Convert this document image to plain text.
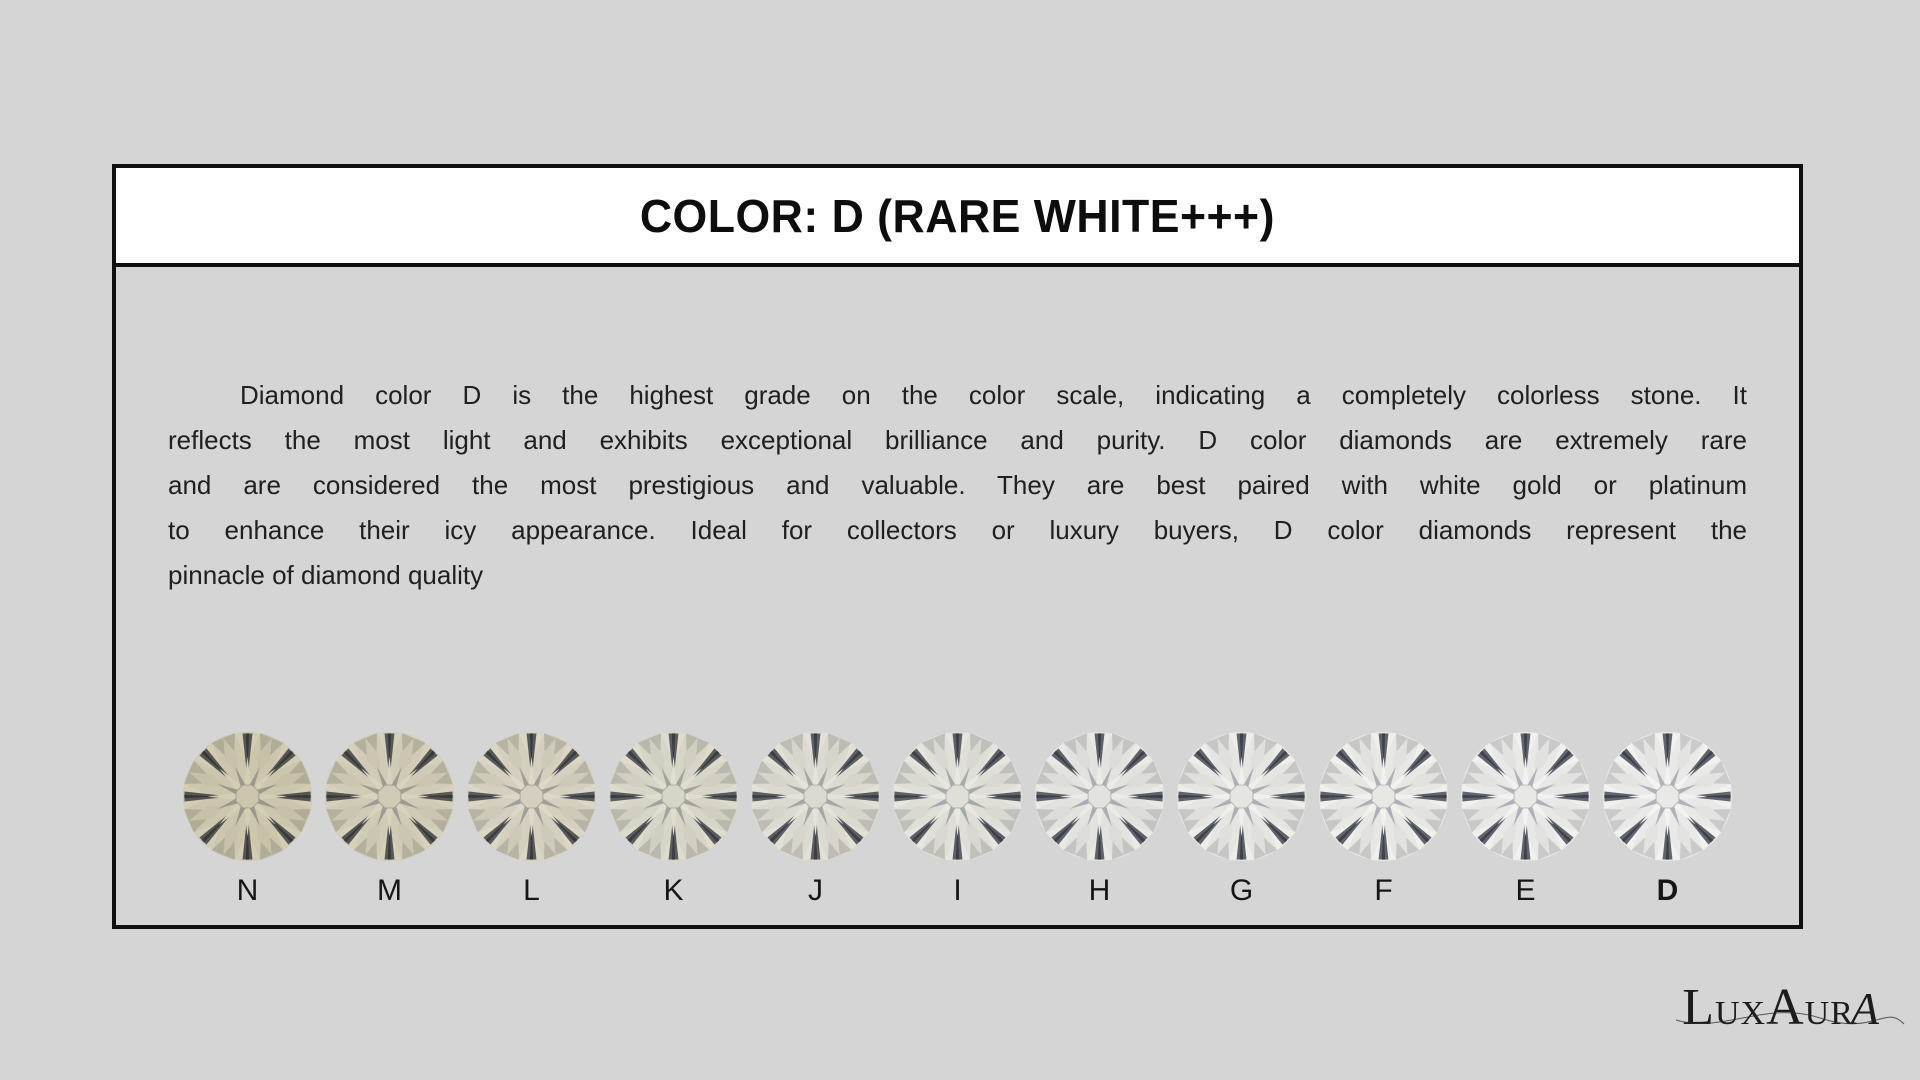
COLOR: D (RARE WHITE+++)
Diamond color D is the highest grade on the color scale, indicating a completely colorless stone. It
reflects the most light and exhibits exceptional brilliance and purity. D color diamonds are extremely rare
and are considered the most prestigious and valuable. They are best paired with white gold or platinum
to enhance their icy appearance. Ideal for collectors or luxury buyers, D color diamonds represent the
pinnacle of diamond quality
N	M	L	K	J	I	H	G	F	E	D
L U X A U R
A
